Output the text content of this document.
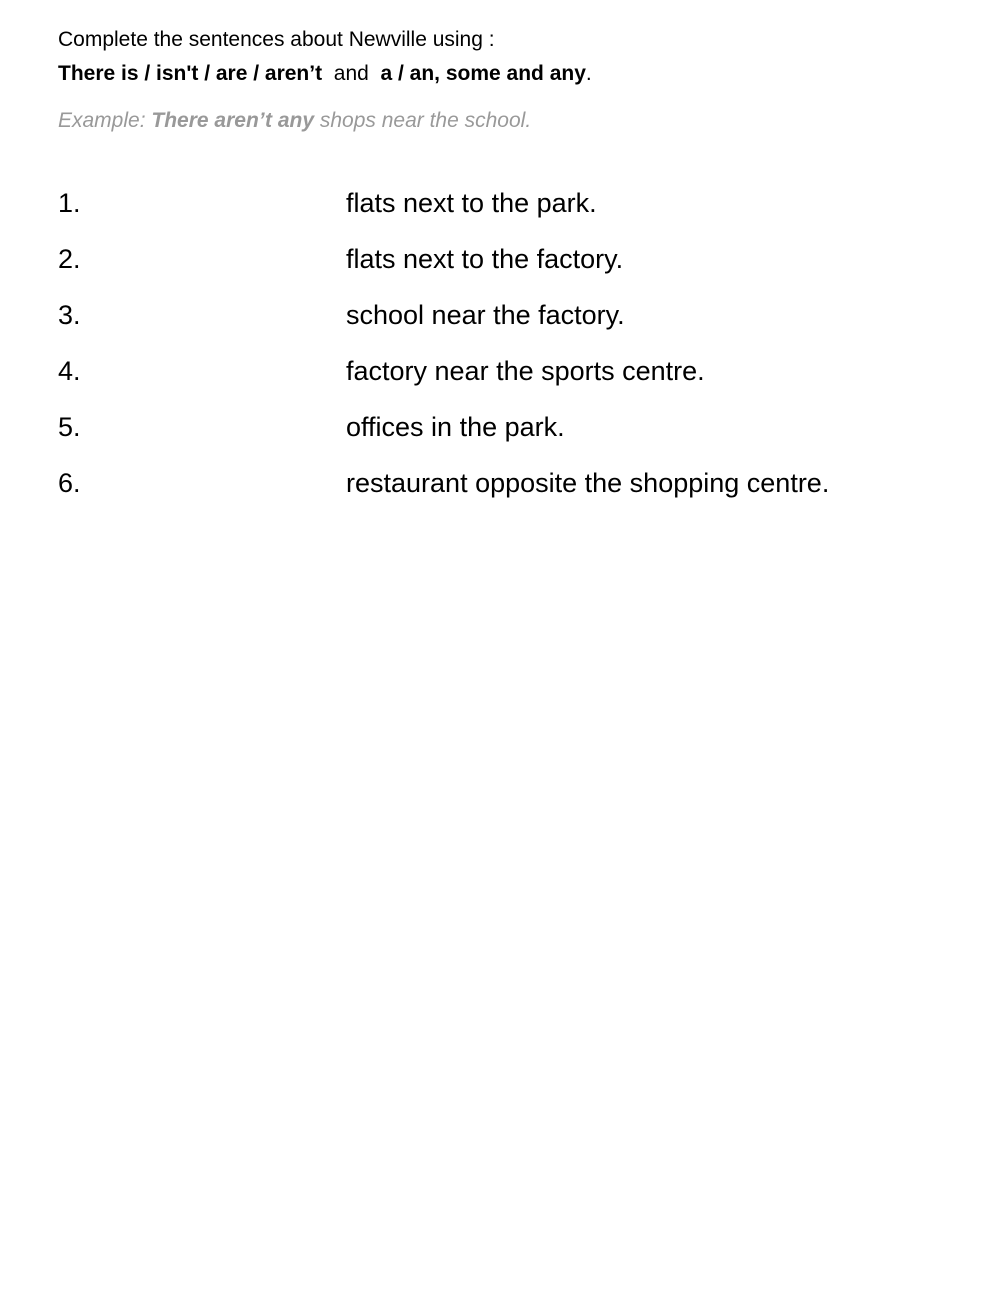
Complete the sentences about Newville using :
There is / isn't / are / aren’t and a / an, some and any.
Example: There aren’t any shops near the school.
1.	flats next to the park.
2.	flats next to the factory.
3.	school near the factory.
4.	factory near the sports centre.
5.	offices in the park.
6.	restaurant opposite the shopping centre.
